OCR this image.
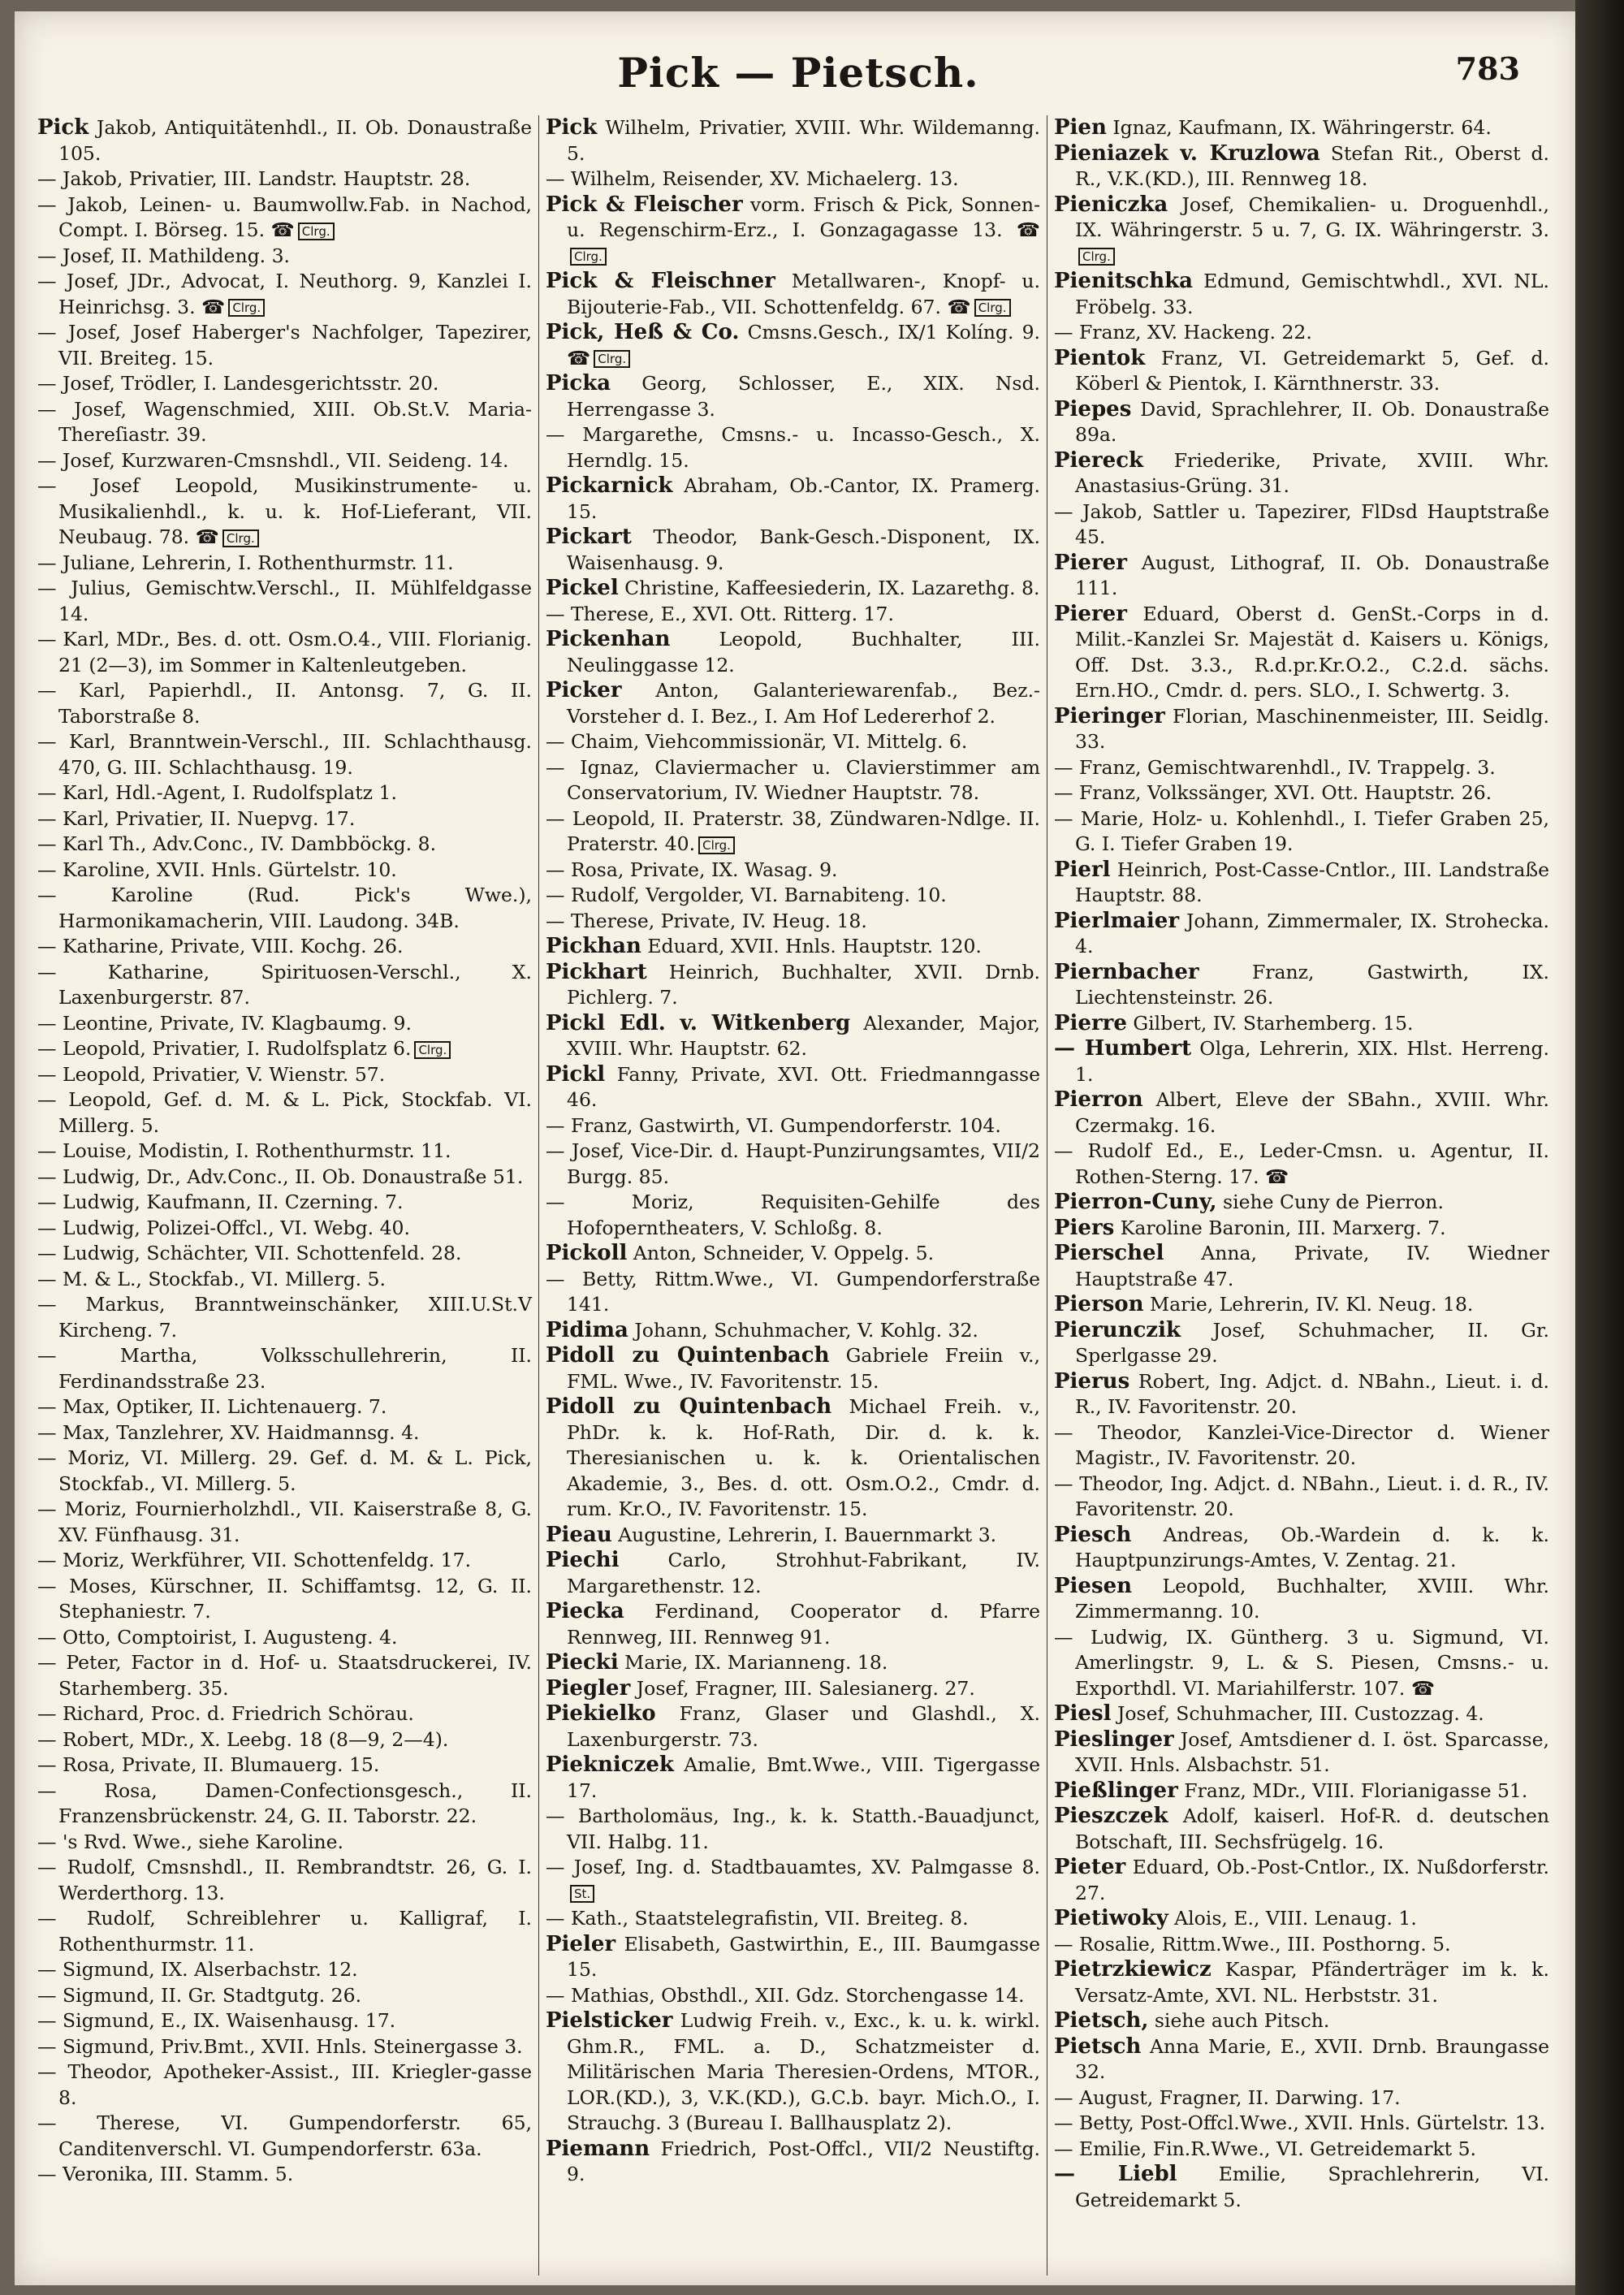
Pick — Pietsch.	783

Pick Jakob, Antiquitätenhdl., II. Ob. Donaustraße 105.

— Jakob, Privatier, III. Landstr. Hauptstr. 28.

— Jakob, Leinen- u. Baumwollw.Fab. in Nachod, Compt. I. Börseg. 15. ☎ Clrg.

— Josef, II. Mathildeng. 3.

— Josef, JDr., Advocat, I. Neuthorg. 9, Kanzlei I. Heinrichsg. 3. ☎ Clrg.

— Josef, Josef Haberger's Nachfolger, Tapezirer, VII. Breiteg. 15.

— Josef, Trödler, I. Landesgerichtsstr. 20.

— Josef, Wagenschmied, XIII. Ob.St.V. Maria-Thereſiastr. 39.

— Josef, Kurzwaren-Cmsnshdl., VII. Seideng. 14.

— Josef Leopold, Musikinstrumente- u. Musikalienhdl., k. u. k. Hof-Lieferant, VII. Neubaug. 78. ☎ Clrg.

— Juliane, Lehrerin, I. Rothenthurmstr. 11.

— Julius, Gemischtw.Verschl., II. Mühlfeldgasse 14.

— Karl, MDr., Bes. d. ott. Osm.O.4., VIII. Florianig. 21 (2—3), im Sommer in Kaltenleutgeben.

— Karl, Papierhdl., II. Antonsg. 7, G. II. Taborstraße 8.

— Karl, Branntwein-Verschl., III. Schlachthausg. 470, G. III. Schlachthausg. 19.

— Karl, Hdl.-Agent, I. Rudolfsplatz 1.

— Karl, Privatier, II. Nuepvg. 17.

— Karl Th., Adv.Conc., IV. Dambböckg. 8.

— Karoline, XVII. Hnls. Gürtelstr. 10.

— Karoline (Rud. Pick's Wwe.), Harmonikamacherin, VIII. Laudong. 34B.

— Katharine, Private, VIII. Kochg. 26.

— Katharine, Spirituosen-Verschl., X. Laxenburgerstr. 87.

— Leontine, Private, IV. Klagbaumg. 9.

— Leopold, Privatier, I. Rudolfsplatz 6. Clrg.

— Leopold, Privatier, V. Wienstr. 57.

— Leopold, Gef. d. M. & L. Pick, Stockfab. VI. Millerg. 5.

— Louise, Modistin, I. Rothenthurmstr. 11.

— Ludwig, Dr., Adv.Conc., II. Ob. Donaustraße 51.

— Ludwig, Kaufmann, II. Czerning. 7.

— Ludwig, Polizei-Offcl., VI. Webg. 40.

— Ludwig, Schächter, VII. Schottenfeld. 28.

— M. & L., Stockfab., VI. Millerg. 5.

— Markus, Branntweinschänker, XIII.U.St.V Kircheng. 7.

— Martha, Volksschullehrerin, II. Ferdinandsstraße 23.

— Max, Optiker, II. Lichtenauerg. 7.

— Max, Tanzlehrer, XV. Haidmannsg. 4.

— Moriz, VI. Millerg. 29. Gef. d. M. & L. Pick, Stockfab., VI. Millerg. 5.

— Moriz, Fournierholzhdl., VII. Kaiserstraße 8, G. XV. Fünfhausg. 31.

— Moriz, Werkführer, VII. Schottenfeldg. 17.

— Moses, Kürschner, II. Schiffamtsg. 12, G. II. Stephaniestr. 7.

— Otto, Comptoirist, I. Augusteng. 4.

— Peter, Factor in d. Hof- u. Staatsdruckerei, IV. Starhemberg. 35.

— Richard, Proc. d. Friedrich Schörau.

— Robert, MDr., X. Leebg. 18 (8—9, 2—4).

— Rosa, Private, II. Blumauerg. 15.

— Rosa, Damen-Confectionsgesch., II. Franzensbrückenstr. 24, G. II. Taborstr. 22.

— 's Rvd. Wwe., siehe Karoline.

— Rudolf, Cmsnshdl., II. Rembrandtstr. 26, G. I. Werderthorg. 13.

— Rudolf, Schreiblehrer u. Kalligraf, I. Rothenthurmstr. 11.

— Sigmund, IX. Alserbachstr. 12.

— Sigmund, II. Gr. Stadtgutg. 26.

— Sigmund, E., IX. Waisenhausg. 17.

— Sigmund, Priv.Bmt., XVII. Hnls. Steinergasse 3.

— Theodor, Apotheker-Assist., III. Kriegler-gasse 8.

— Therese, VI. Gumpendorferstr. 65, Canditenverschl. VI. Gumpendorferstr. 63a.

— Veronika, III. Stamm. 5.

Pick Wilhelm, Privatier, XVIII. Whr. Wildemanng. 5.

— Wilhelm, Reisender, XV. Michaelerg. 13.

Pick & Fleischer vorm. Frisch & Pick, Sonnen- u. Regenschirm-Erz., I. Gonzagagasse 13. ☎Clrg.

Pick & Fleischner Metallwaren-, Knopf- u. Bijouterie-Fab., VII. Schottenfeldg. 67. ☎ Clrg.

Pick, Heß & Co. Cmsns.Gesch., IX/1 Kolíng. 9. ☎ Clrg.

Picka Georg, Schlosser, E., XIX. Nsd. Herrengasse 3.

— Margarethe, Cmsns.- u. Incasso-Gesch., X. Herndlg. 15.

Pickarnick Abraham, Ob.-Cantor, IX. Pramerg. 15.

Pickart Theodor, Bank-Gesch.-Disponent, IX. Waisenhausg. 9.

Pickel Christine, Kaffeesiederin, IX. Lazarethg. 8.

— Therese, E., XVI. Ott. Ritterg. 17.

Pickenhan Leopold, Buchhalter, III. Neulinggasse 12.

Picker Anton, Galanteriewarenfab., Bez.-Vorsteher d. I. Bez., I. Am Hof Ledererhof 2.

— Chaim, Viehcommissionär, VI. Mittelg. 6.

— Ignaz, Claviermacher u. Clavierstimmer am Conservatorium, IV. Wiedner Hauptstr. 78.

— Leopold, II. Praterstr. 38, Zündwaren-Ndlge. II. Praterstr. 40. Clrg.

— Rosa, Private, IX. Wasag. 9.

— Rudolf, Vergolder, VI. Barnabiteng. 10.

— Therese, Private, IV. Heug. 18.

Pickhan Eduard, XVII. Hnls. Hauptstr. 120.

Pickhart Heinrich, Buchhalter, XVII. Drnb. Pichlerg. 7.

Pickl Edl. v. Witkenberg Alexander, Major, XVIII. Whr. Hauptstr. 62.

Pickl Fanny, Private, XVI. Ott. Friedmanngasse 46.

— Franz, Gastwirth, VI. Gumpendorferstr. 104.

— Josef, Vice-Dir. d. Haupt-Punzirungsamtes, VII/2 Burgg. 85.

— Moriz, Requisiten-Gehilfe des Hofoperntheaters, V. Schloßg. 8.

Pickoll Anton, Schneider, V. Oppelg. 5.

— Betty, Rittm.Wwe., VI. Gumpendorferstraße 141.

Pidima Johann, Schuhmacher, V. Kohlg. 32.

Pidoll zu Quintenbach Gabriele Freiin v., FML. Wwe., IV. Favoritenstr. 15.

Pidoll zu Quintenbach Michael Freih. v., PhDr. k. k. Hof-Rath, Dir. d. k. k. Theresianischen u. k. k. Orientalischen Akademie, 3., Bes. d. ott. Osm.O.2., Cmdr. d. rum. Kr.O., IV. Favoritenstr. 15.

Pieau Augustine, Lehrerin, I. Bauernmarkt 3.

Piechi Carlo, Strohhut-Fabrikant, IV. Margarethenstr. 12.

Piecka Ferdinand, Cooperator d. Pfarre Rennweg, III. Rennweg 91.

Piecki Marie, IX. Marianneng. 18.

Piegler Josef, Fragner, III. Salesianerg. 27.

Piekielko Franz, Glaser und Glashdl., X. Laxenburgerstr. 73.

Piekniczek Amalie, Bmt.Wwe., VIII. Tigergasse 17.

— Bartholomäus, Ing., k. k. Statth.-Bauadjunct, VII. Halbg. 11.

— Josef, Ing. d. Stadtbauamtes, XV. Palmgasse 8.St.

— Kath., Staatstelegrafistin, VII. Breiteg. 8.

Pieler Elisabeth, Gastwirthin, E., III. Baumgasse 15.

— Mathias, Obsthdl., XII. Gdz. Storchengasse 14.

Pielsticker Ludwig Freih. v., Exc., k. u. k. wirkl. Ghm.R., FML. a. D., Schatzmeister d. Militärischen Maria Theresien-Ordens, MTOR., LOR.(KD.), 3, V.K.(KD.), G.C.b. bayr. Mich.O., I. Strauchg. 3 (Bureau I. Ballhausplatz 2).

Piemann Friedrich, Post-Offcl., VII/2 Neustiftg. 9.

Pien Ignaz, Kaufmann, IX. Währingerstr. 64.

Pieniazek v. Kruzlowa Stefan Rit., Oberst d. R., V.K.(KD.), III. Rennweg 18.

Pieniczka Josef, Chemikalien- u. Droguenhdl., IX. Währingerstr. 5 u. 7, G. IX. Währingerstr. 3.Clrg.

Pienitschka Edmund, Gemischtwhdl., XVI. NL. Fröbelg. 33.

— Franz, XV. Hackeng. 22.

Pientok Franz, VI. Getreidemarkt 5, Gef. d. Köberl & Pientok, I. Kärnthnerstr. 33.

Piepes David, Sprachlehrer, II. Ob. Donaustraße 89a.

Piereck Friederike, Private, XVIII. Whr. Anastasius-Grüng. 31.

— Jakob, Sattler u. Tapezirer, FlDsd Hauptstraße 45.

Pierer August, Lithograf, II. Ob. Donaustraße 111.

Pierer Eduard, Oberst d. GenSt.-Corps in d. Milit.-Kanzlei Sr. Majestät d. Kaisers u. Königs, Off. Dst. 3.3., R.d.pr.Kr.O.2., C.2.d. sächs. Ern.HO., Cmdr. d. pers. SLO., I. Schwertg. 3.

Pieringer Florian, Maschinenmeister, III. Seidlg. 33.

— Franz, Gemischtwarenhdl., IV. Trappelg. 3.

— Franz, Volkssänger, XVI. Ott. Hauptstr. 26.

— Marie, Holz- u. Kohlenhdl., I. Tiefer Graben 25, G. I. Tiefer Graben 19.

Pierl Heinrich, Post-Casse-Cntlor., III. Landstraße Hauptstr. 88.

Pierlmaier Johann, Zimmermaler, IX. Strohecka. 4.

Piernbacher Franz, Gastwirth, IX. Liechtensteinstr. 26.

Pierre Gilbert, IV. Starhemberg. 15.

— Humbert Olga, Lehrerin, XIX. Hlst. Herreng. 1.

Pierron Albert, Eleve der SBahn., XVIII. Whr. Czermakg. 16.

— Rudolf Ed., E., Leder-Cmsn. u. Agentur, II. Rothen-Sterng. 17. ☎

Pierron-Cuny, siehe Cuny de Pierron.

Piers Karoline Baronin, III. Marxerg. 7.

Pierschel Anna, Private, IV. Wiedner Hauptstraße 47.

Pierson Marie, Lehrerin, IV. Kl. Neug. 18.

Pierunczik Josef, Schuhmacher, II. Gr. Sperlgasse 29.

Pierus Robert, Ing. Adjct. d. NBahn., Lieut. i. d. R., IV. Favoritenstr. 20.

— Theodor, Kanzlei-Vice-Director d. Wiener Magistr., IV. Favoritenstr. 20.

— Theodor, Ing. Adjct. d. NBahn., Lieut. i. d. R., IV. Favoritenstr. 20.

Piesch Andreas, Ob.-Wardein d. k. k. Hauptpunzirungs-Amtes, V. Zentag. 21.

Piesen Leopold, Buchhalter, XVIII. Whr. Zimmermanng. 10.

— Ludwig, IX. Güntherg. 3 u. Sigmund, VI. Amerlingstr. 9, L. & S. Piesen, Cmsns.- u. Exporthdl. VI. Mariahilferstr. 107. ☎

Piesl Josef, Schuhmacher, III. Custozzag. 4.

Pieslinger Josef, Amtsdiener d. I. öst. Sparcasse, XVII. Hnls. Alsbachstr. 51.

Pießlinger Franz, MDr., VIII. Florianigasse 51.

Pieszczek Adolf, kaiserl. Hof-R. d. deutschen Botschaft, III. Sechsfrügelg. 16.

Pieter Eduard, Ob.-Post-Cntlor., IX. Nußdorferstr. 27.

Pietiwoky Alois, E., VIII. Lenaug. 1.

— Rosalie, Rittm.Wwe., III. Posthorng. 5.

Pietrzkiewicz Kaspar, Pfänderträger im k. k. Versatz-Amte, XVI. NL. Herbststr. 31.

Pietsch, siehe auch Pitsch.

Pietsch Anna Marie, E., XVII. Drnb. Braungasse 32.

— August, Fragner, II. Darwing. 17.

— Betty, Post-Offcl.Wwe., XVII. Hnls. Gürtelstr. 13.

— Emilie, Fin.R.Wwe., VI. Getreidemarkt 5.

— Liebl Emilie, Sprachlehrerin, VI. Getreidemarkt 5.
